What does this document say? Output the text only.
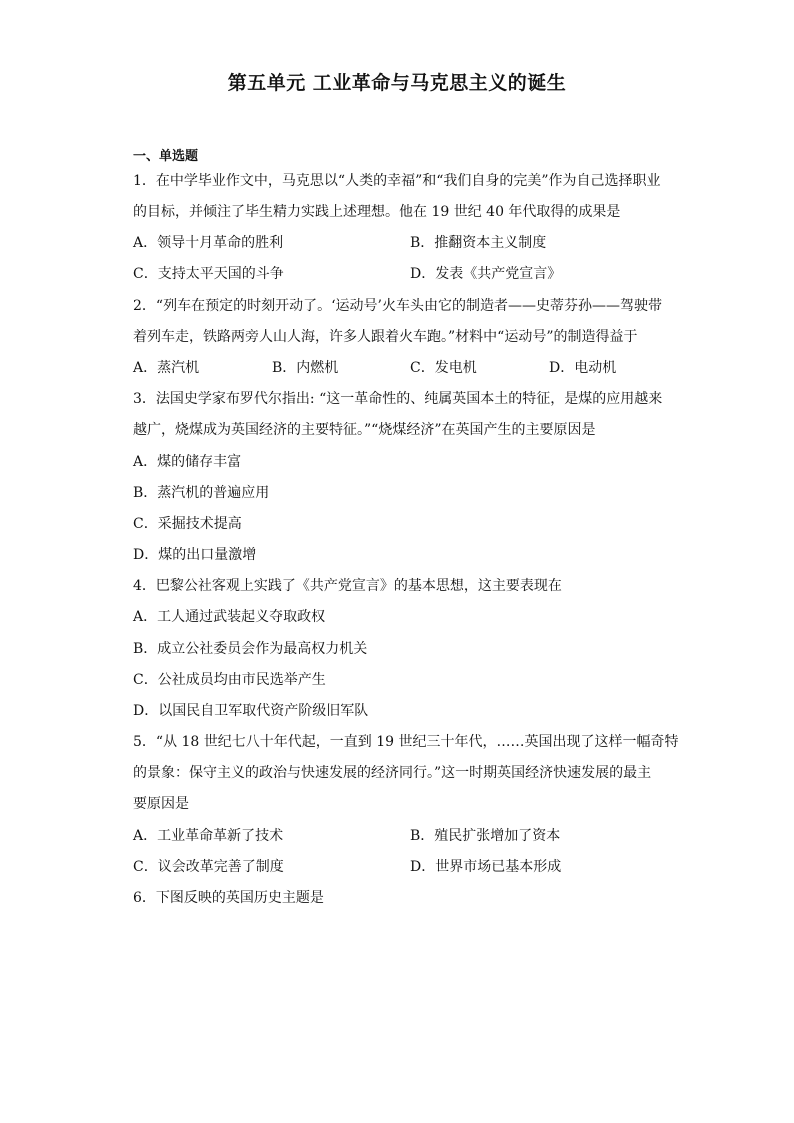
第五单元 工业革命与马克思主义的诞生
一、单选题
1．在中学毕业作文中，马克思以“人类的幸福”和“我们自身的完美”作为自己选择职业
的目标，并倾注了毕生精力实践上述理想。他在 19 世纪 40 年代取得的成果是
A．领导十月革命的胜利	B．推翻资本主义制度
C．支持太平天国的斗争	D．发表《共产党宣言》
2．“列车在预定的时刻开动了。‘运动号’火车头由它的制造者——史蒂芬孙——驾驶带
着列车走，铁路两旁人山人海，许多人跟着火车跑。”材料中“运动号”的制造得益于
A．蒸汽机	B．内燃机	C．发电机	D．电动机
3．法国史学家布罗代尔指出: “这一革命性的、纯属英国本土的特征，是煤的应用越来
越广，烧煤成为英国经济的主要特征。”“烧煤经济”在英国产生的主要原因是
A．煤的储存丰富
B．蒸汽机的普遍应用
C．采掘技术提高
D．煤的出口量激增
4．巴黎公社客观上实践了《共产党宣言》的基本思想，这主要表现在
A．工人通过武装起义夺取政权
B．成立公社委员会作为最高权力机关
C．公社成员均由市民选举产生
D．以国民自卫军取代资产阶级旧军队
5．“从 18 世纪七八十年代起，一直到 19 世纪三十年代，……英国出现了这样一幅奇特
的景象：保守主义的政治与快速发展的经济同行。”这一时期英国经济快速发展的最主
要原因是
A．工业革命革新了技术	B．殖民扩张增加了资本
C．议会改革完善了制度	D．世界市场已基本形成
6．下图反映的英国历史主题是
